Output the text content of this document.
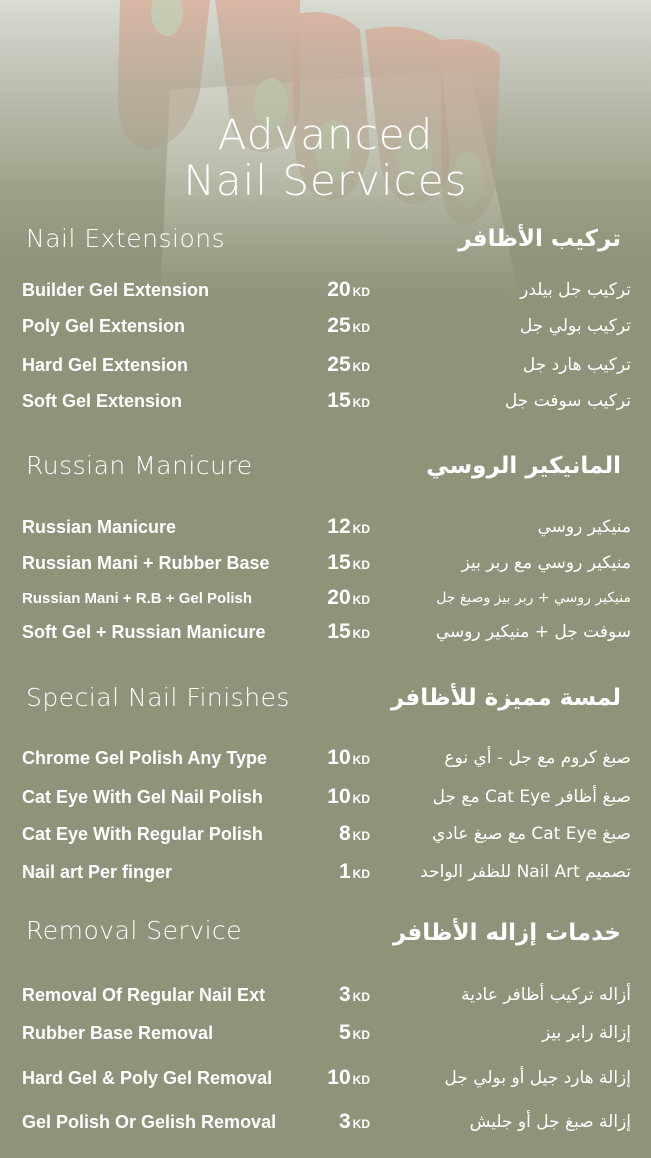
Advanced
Nail Services
Nail Extensions	تركيب الأظافر
Builder Gel Extension	20 KD	تركيب جل بيلدر
Poly Gel Extension	25 KD	تركيب بولي جل
Hard Gel Extension	25 KD	تركيب هارد جل
Soft Gel Extension	15 KD	تركيب سوفت جل
Russian Manicure	المانيكير الروسي
Russian Manicure	12 KD	منيكير روسي
Russian Mani + Rubber Base	15 KD	منيكير روسي مع ربر بيز
Russian Mani + R.B + Gel Polish	20 KD	منيكير روسي + ربر بيز وصبغ جل
Soft Gel + Russian Manicure	15 KD	سوفت جل + منيكير روسي
Special Nail Finishes	لمسة مميزة للأظافر
Chrome Gel Polish Any Type	10 KD	صبغ كروم مع جل - أي نوع
Cat Eye With Gel Nail Polish	10 KD	صبغ أظافر Cat Eye مع جل
Cat Eye With Regular Polish	8 KD	صبغ Cat Eye مع صبغ عادي
Nail art Per finger	1 KD	تصميم Nail Art للظفر الواحد
Removal Service	خدمات إزاله الأظافر
Removal Of Regular Nail Ext	3 KD	أزاله تركيب أظافر عادية
Rubber Base Removal	5 KD	إزالة رابر بيز
Hard Gel & Poly Gel Removal	10 KD	إزالة هارد جيل أو بولي جل
Gel Polish Or Gelish Removal	3 KD	إزالة صبغ جل أو جليش
